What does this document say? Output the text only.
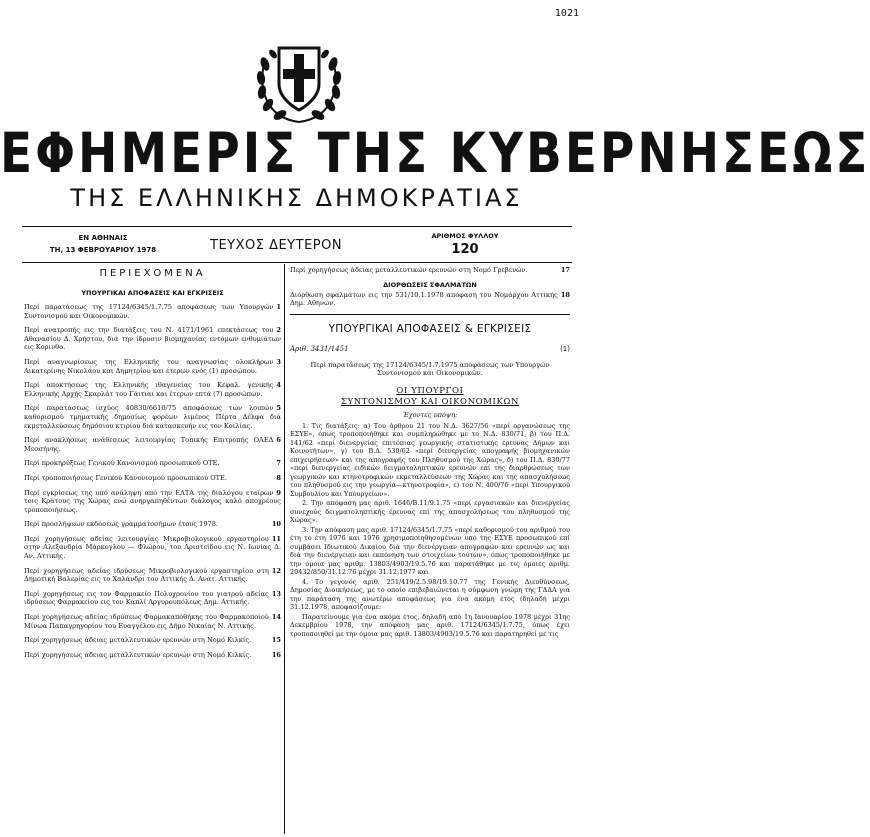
1021
ΕΦΗΜΕΡΙΣ ΤΗΣ ΚΥΒΕΡΝΗΣΕΩΣ
ΤΗΣ ΕΛΛΗΝΙΚΗΣ ΔΗΜΟΚΡΑΤΙΑΣ
ΕΝ ΑΘΗΝΑΙΣ
ΤΗ, 13 ΦΕΒΡΟΥΑΡΙΟΥ 1978	ΤΕΥΧΟΣ ΔΕΥΤΕΡΟΝ
ΑΡΙΘΜΟΣ ΦΥΛΛΟΥ
120
ΠΕΡΙΕΧΟΜΕΝΑ
ΥΠΟΥΡΓΙΚΑΙ ΑΠΟΦΑΣΕΙΣ ΚΑΙ ΕΓΚΡΙΣΕΙΣ
1
Περί παρατάσεως της 17124/6345/1.7.75 αποφάσεως των Υπουργών Συντονισμού και Οικονομικών.
2
Περί ανατροπής εις την διατάξεις του Ν. 4171/1961 επεκτάσεως του Αθανασίου Δ. Χρήστου, διά την ίδρυσιν βιομηχανίας εντόμων ενθυμιάτων εις Κορινθο.
3
Περί αναγνωρίσεως της Ελληνικής του αναγνωσίας ολοκλήρων Αικατερίνης Νικολάου και Δημητρίου και έτερων ενός (1) προσώπου.
4
Περί αποκτήσεως της Ελληνικής ιθαγενείας του Κεφαλ. γενικής Ελληνικής Αρχής Σκαρλάτ του Γάιτιαι και έτερων επτά (7) προσώπων.
5
Περί παρατάσεως ισχύος 40830/6610/75 αποφάσεως των λοιπών καθορισμού τμηματικής δημοσίως φορέων λιμένος Πέρτα Δέλφα διά εκμεταλλεύσεως δημόσιου κτιρίου διά κατασκευήν εις τον Κοιλίας.
6
Περί ανακλήσεως ανάθεσεως λειτουργίας Τοπικής Επιτροπής ΟΑΕΔ Μεσσήνης.
7
Περί προκηρύξεως Γενικού Κανονισμού προσωπικού ΟΤΕ.
8
Περί τροποποιήσεως Γενικού Κανονισμού προσωπικού ΟΤΕ.
9
Περί εγκρίσεως της υπό ανάληψη από την ΕΛΤΑ της διαλόγου εταίρων τοις Κράτους της Χώρας ενώ ανηργαπηθέντων διάλογος καλό αποχρέους τροποποιήσεως.
10
Περί προσλήψεων εκδόσεως γραμματοσήμων έτους 1978.
11
Περί χορηγήσεως αδείας λειτουργίας Μικροβιολογικού εργαστηρίου στην Αλεξανδρία Μάρκογλου — Φλώρου, του Αριστείδου εις Ν. Ιωνίας Δ. Αν. Αττικής.
12
Περί χορηγήσεως αδείας ιδρύσεως Μικροβιολογικού εργαστηρίου στη Δημοτική Βαλερίας εις το Χαλάνδρι του Αττικής Δ. Ανατ. Αττικής.
13
Περί χορηγήσεως εις τον Φαρμακείο Πολυχρονίου του γιατρού αδείας ιδρύσεως Φαρμακείου εις τον Καπλί Αργυρουπόλεως Δημ. Αττικής.
14
Περί χορηγήσεως αδείας ιδρύσεως Φαρμακαποθήκης του Φαρμακοποιού Μίνωα Παπαγρηγορίου του Ευαγγέλου εις Δήμο Νικαίας Ν. Αττικής.
15
Περί χορηγήσεως άδειας μεταλλευτικών ερευνών στη Νομό Κιλκίς.
16
Περί χορηγήσεως άδειας μεταλλευτικών ερευνών στη Νομό Κιλκίς.
17
Περί χορηγήσεως άδειας μεταλλευτικών ερευνών στη Νομό Γρεβενών.
ΔΙΟΡΘΩΣΕΙΣ ΣΦΑΛΜΑΤΩΝ
18
Διόρθωση σφαλμάτων εις την 531/10.1.1978 απόφαση του Νομάρχου Αττικής Δημ. Αθηνών.
ΥΠΟΥΡΓΙΚΑΙ ΑΠΟΦΑΣΕΙΣ & ΕΓΚΡΙΣΕΙΣ
(1)
Αριθ. 3431/1451
Περί παρατάσεως της 17124/6345/1.7.1975 αποφάσεως των Υπουργών Συντονισμού και Οικονομικών.
ΟΙ ΥΠΟΥΡΓΟΙ
ΣΥΝΤΟΝΙΣΜΟΥ ΚΑΙ ΟΙΚΟΝΟΜΙΚΩΝ
Έχοντες υπόψη:
1. Τις διατάξεις: α) Του άρθρου 21 του Ν.Δ. 3627/56 «περί οργανώσεως της ΕΣΥΕ», όπως τροποποιήθηκε και συμπληρώθηκε με το Ν.Δ. 830/71, β) του Π.Δ. 141/62 «περί διενεργείας επιτόπιας γεωργικής στατιστικής έρευνας Δήμων και Κοινοτήτων», γ) του Β.Δ. 530/62 «περί διενεργείας απογραφής βιομηχανικών επιχειρήσεων» και της απογραφής του Πληθυσμού της Χώρας», δ) του Π.Δ. 830/77 «περί διενεργείας ειδικών δειγματοληπτικών ερευνών επί της διαρθρώσεως των γεωργικών και κτηνοτροφικών εκμεταλλεύσεων της Χώρας και της απασχολήσεως του πληθυσμού εις την γεωργία—κτηνοτροφία», ε) του Ν. 400/76 «περί Υπουργικού Συμβουλίου και Υπουργείων».
2. Την απόφαση μας αριθ. 1646/Β.11/9.1.75 «περί εργασιακών και διενεργείας συνεχούς δειγματοληπτικής έρευνας επί της απασχολήσεως του πληθυσμού της Χώρας».
3. Την απόφαση μας αριθ. 17124/6345/1.7.75 «περί καθορισμού του αριθμού του έτη το έτη 1976 και 1976 χρησιμοποιηθησομένων υπό της ΕΣΥΕ προσωπικού επί συμβάσει Ιδιωτικού Δικαίου διά την διενέργειαν απογραφών και ερευνών ως και διά την διενέργειαν και εκπόνηση των στοιχείων τούτων», όπως τροποποιήθηκε με την όμοια μας αριθμ. 13803/4903/19.5.76 και παρατάθηκε με τις όμοιες αριθμ. 20432/850/31.12.76 μέχρι 31.12.1977 και
4. Το γεγονός αριθ. 251/419/2.5.98/19.10.77 της Γενικής Διευθύνσεως, Δημοσίας Διοικήσεως, με το οποίο επιβεβαιώνεται η σύμφωνη γνώμη της ΓΔΔΑ για την παράταση της ανωτέρω αποφάσεως για ένα ακόμη έτος (δηλαδή μέχρι 31.12.1978, αποφασίζουμε:
Παρατείνουμε για ένα ακόμα έτος, δηλαδή από 1η Ιανουαρίου 1978 μέχρι 31ης Δεκεμβρίου 1978, την απόφαση μας αριθ. 17124/6345/1.7.75, όπως έχει τροποποιηθεί με την όμοια μας αριθ. 13803/4903/19.5.76 και παρατηρηθεί με τις
